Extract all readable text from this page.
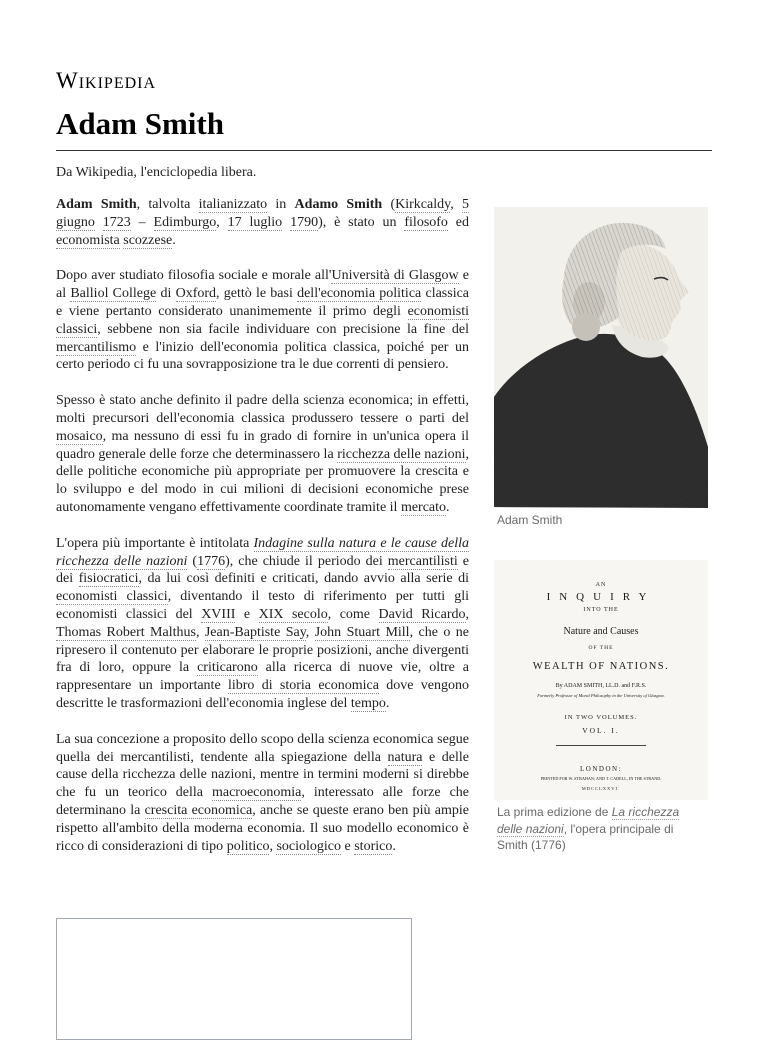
Wikipedia
Adam Smith
Da Wikipedia, l'enciclopedia libera.

Adam Smith, talvolta italianizzato in Adamo Smith (Kirkcaldy, 5 giugno 1723 – Edimburgo, 17 luglio 1790), è stato un filosofo ed economista scozzese.

Dopo aver studiato filosofia sociale e morale all'Università di Glasgow e al Balliol College di Oxford, gettò le basi dell'economia politica classica e viene pertanto considerato unanimemente il primo degli economisti classici, sebbene non sia facile individuare con precisione la fine del mercantilismo e l'inizio dell'economia politica classica, poiché per un certo periodo ci fu una sovrapposizione tra le due correnti di pensiero.

Spesso è stato anche definito il padre della scienza economica; in effetti, molti precursori dell'economia classica produssero tessere o parti del mosaico, ma nessuno di essi fu in grado di fornire in un'unica opera il quadro generale delle forze che determinassero la ricchezza delle nazioni, delle politiche economiche più appropriate per promuovere la crescita e lo sviluppo e del modo in cui milioni di decisioni economiche prese autonomamente vengano effettivamente coordinate tramite il mercato.

L'opera più importante è intitolata Indagine sulla natura e le cause della ricchezza delle nazioni (1776), che chiude il periodo dei mercantilisti e dei fisiocratici, da lui così definiti e criticati, dando avvio alla serie di economisti classici, diventando il testo di riferimento per tutti gli economisti classici del XVIII e XIX secolo, come David Ricardo, Thomas Robert Malthus, Jean-Baptiste Say, John Stuart Mill, che o ne ripresero il contenuto per elaborare le proprie posizioni, anche divergenti fra di loro, oppure la criticarono alla ricerca di nuove vie, oltre a rappresentare un importante libro di storia economica dove vengono descritte le trasformazioni dell'economia inglese del tempo.

La sua concezione a proposito dello scopo della scienza economica segue quella dei mercantilisti, tendente alla spiegazione della natura e delle cause della ricchezza delle nazioni, mentre in termini moderni si direbbe che fu un teorico della macroeconomia, interessato alle forze che determinano la crescita economica, anche se queste erano ben più ampie rispetto all'ambito della moderna economia. Il suo modello economico è ricco di considerazioni di tipo politico, sociologico e storico.

Adam Smith
AN
INQUIRY
INTO THE
Nature and Causes
OF THE
WEALTH OF NATIONS.
By ADAM SMITH, LL.D. and F.R.S.
Formerly Professor of Moral Philosophy in the University of Glasgow.
IN TWO VOLUMES.
VOL. I.
LONDON:
PRINTED FOR W. STRAHAN; AND T. CADELL, IN THE STRAND.
MDCCLXXVI.
La prima edizione de La ricchezza delle nazioni, l'opera principale di Smith (1776)
